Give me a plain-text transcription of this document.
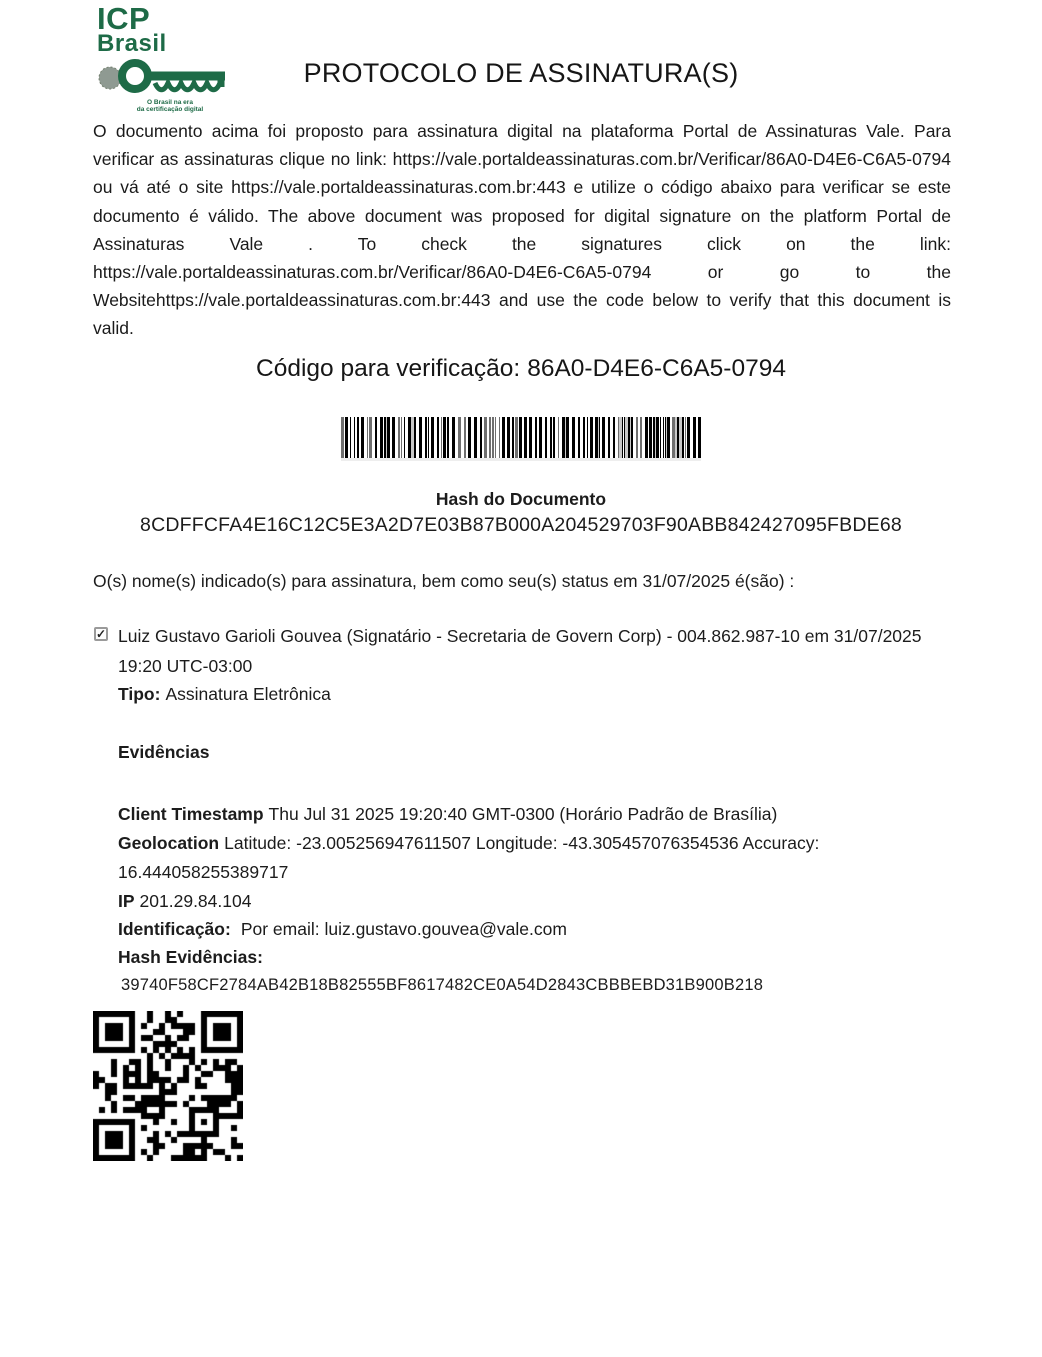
ICP
Brasil
O Brasil na era
da certificação digital
PROTOCOLO DE ASSINATURA(S)
O documento acima foi proposto para assinatura digital na plataforma Portal de Assinaturas Vale. Para verificar as assinaturas clique no link: https://vale.portaldeassinaturas.com.br/Verificar/86A0-D4E6-C6A5-0794 ou vá até o site https://vale.portaldeassinaturas.com.br:443 e utilize o código abaixo para verificar se este documento é válido. The above document was proposed for digital signature on the platform Portal de Assinaturas Vale . To check the signatures click on the link: https://vale.portaldeassinaturas.com.br/Verificar/86A0-D4E6-C6A5-0794 or go to the Websitehttps://vale.portaldeassinaturas.com.br:443 and use the code below to verify that this document is valid.
Código para verificação: 86A0-D4E6-C6A5-0794
Hash do Documento
8CDFFCFA4E16C12C5E3A2D7E03B87B000A204529703F90ABB842427095FBDE68
O(s) nome(s) indicado(s) para assinatura, bem como seu(s) status em 31/07/2025 é(são) :
✓ Luiz Gustavo Garioli Gouvea (Signatário - Secretaria de Govern Corp) - 004.862.987-10 em 31/07/2025 19:20 UTC-03:00
Tipo: Assinatura Eletrônica
Evidências
Client Timestamp Thu Jul 31 2025 19:20:40 GMT-0300 (Horário Padrão de Brasília)
Geolocation Latitude: -23.005256947611507 Longitude: -43.305457076354536 Accuracy: 16.444058255389717
IP 201.29.84.104
Identificação: Por email: luiz.gustavo.gouvea@vale.com
Hash Evidências:
39740F58CF2784AB42B18B82555BF8617482CE0A54D2843CBBBEBD31B900B218
